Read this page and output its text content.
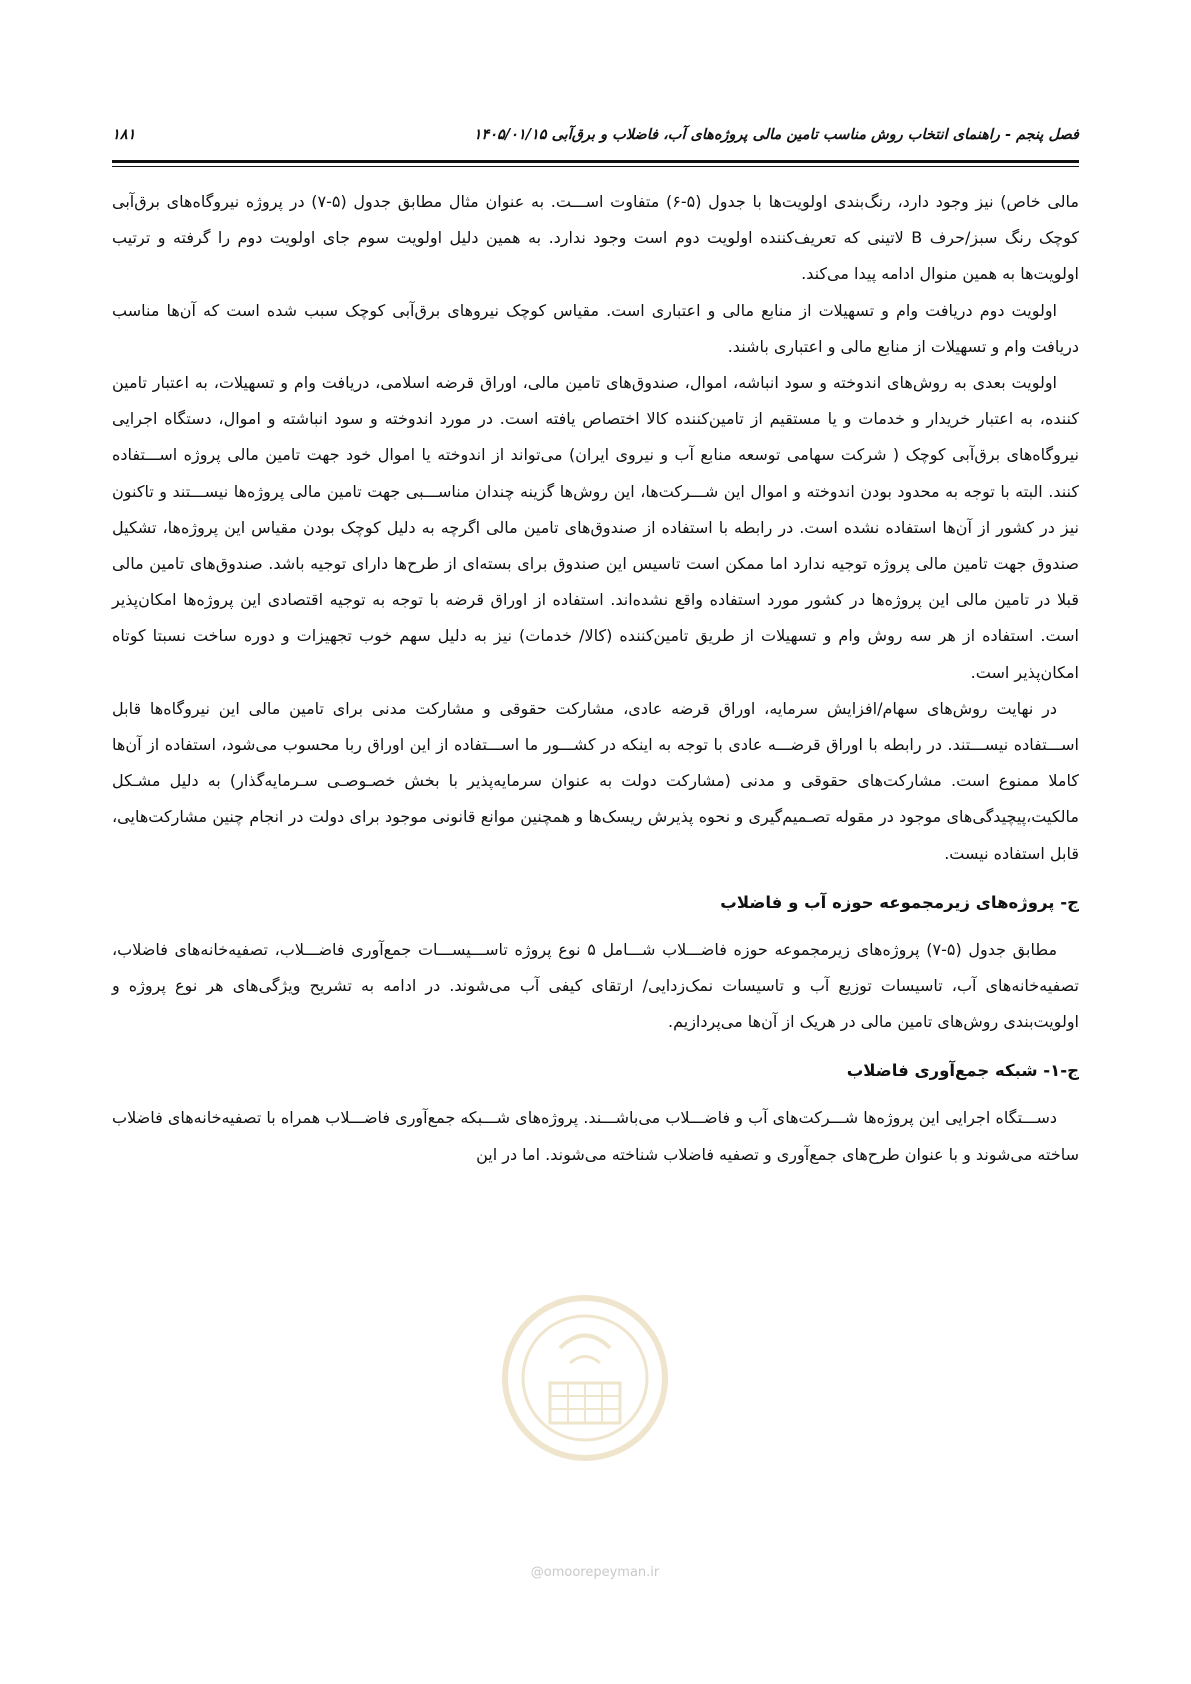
فصل پنجم - راهنمای انتخاب روش مناسب تامین مالی پروژه‌های آب، فاضلاب و برق‌آبی ۱۴۰۵/۰۱/۱۵
۱۸۱

مالی خاص) نیز وجود دارد، رنگ‌بندی اولویت‌ها با جدول (۵-۶) متفاوت اســـت. به عنوان مثال مطابق جدول (۵-۷) در پروژه نیروگاه‌های برق‌آبی کوچک رنگ سبز/حرف B لاتینی که تعریف‌کننده اولویت دوم است وجود ندارد. به همین دلیل اولویت سوم جای اولویت دوم را گرفته و ترتیب اولویت‌ها به همین منوال ادامه پیدا می‌کند.

اولویت دوم دریافت وام و تسهیلات از منابع مالی و اعتباری است. مقیاس کوچک نیروهای برق‌آبی کوچک سبب شده است که آن‌ها مناسب دریافت وام و تسهیلات از منابع مالی و اعتباری باشند.

اولویت بعدی به روش‌های اندوخته و سود انباشه، اموال، صندوق‌های تامین مالی، اوراق قرضه اسلامی، دریافت وام و تسهیلات، به اعتبار تامین کننده، به اعتبار خریدار و خدمات و یا مستقیم از تامین‌کننده کالا اختصاص یافته است. در مورد اندوخته و سود انباشته و اموال، دستگاه اجرایی نیروگاه‌های برق‌آبی کوچک ( شرکت سهامی توسعه منابع آب و نیروی ایران) می‌تواند از اندوخته یا اموال خود جهت تامین مالی پروژه اســـتفاده کنند. البته با توجه به محدود بودن اندوخته و اموال این شـــرکت‌ها، این روش‌ها گزینه چندان مناســـبی جهت تامین مالی پروژه‌ها نیســـتند و تاکنون نیز در کشور از آن‌ها استفاده نشده است. در رابطه با استفاده از صندوق‌های تامین مالی اگرچه به دلیل کوچک بودن مقیاس این پروژه‌ها، تشکیل صندوق جهت تامین مالی پروژه توجیه ندارد اما ممکن است تاسیس این صندوق برای بسته‌ای از طرح‌ها دارای توجیه باشد. صندوق‌های تامین مالی قبلا در تامین مالی این پروژه‌ها در کشور مورد استفاده واقع نشده‌اند. استفاده از اوراق قرضه با توجه به توجیه اقتصادی این پروژه‌ها امکان‌پذیر است. استفاده از هر سه روش وام و تسهیلات از طریق تامین‌کننده (کالا/ خدمات) نیز به دلیل سهم خوب تجهیزات و دوره ساخت نسبتا کوتاه امکان‌پذیر است.

در نهایت روش‌های سهام/افزایش سرمایه، اوراق قرضه عادی، مشارکت حقوقی و مشارکت مدنی برای تامین مالی این نیروگاه‌ها قابل اســـتفاده نیســـتند. در رابطه با اوراق قرضـــه عادی با توجه به اینکه در کشـــور ما اســـتفاده از این اوراق ربا محسوب می‌شود، استفاده از آن‌ها کاملا ممنوع است. مشارکت‌های حقوقی و مدنی (مشارکت دولت به عنوان سرمایه‌پذیر با بخش خصـوصـی سـرمایه‌گذار) به دلیل مشـکل مالکیت،پیچیدگی‌های موجود در مقوله تصـمیم‌گیری و نحوه پذیرش ریسک‌ها و همچنین موانع قانونی موجود برای دولت در انجام چنین مشارکت‌هایی، قابل استفاده نیست.

ج- پروژه‌های زیرمجموعه حوزه آب و فاضلاب

مطابق جدول (۵-۷) پروژه‌های زیرمجموعه حوزه فاضـــلاب شـــامل ۵ نوع پروژه تاســـیســـات جمع‌آوری فاضـــلاب، تصفیه‌خانه‌های فاضلاب، تصفیه‌خانه‌های آب، تاسیسات توزیع آب و تاسیسات نمک‌زدایی/ ارتقای کیفی آب می‌شوند. در ادامه به تشریح ویژگی‌های هر نوع پروژه و اولویت‌بندی روش‌های تامین مالی در هریک از آن‌ها می‌پردازیم.

ج-۱- شبکه جمع‌آوری فاضلاب

دســـتگاه اجرایی این پروژه‌ها شـــرکت‌های آب و فاضـــلاب می‌باشـــند. پروژه‌های شـــبکه جمع‌آوری فاضـــلاب همراه با تصفیه‌خانه‌های فاضلاب ساخته می‌شوند و با عنوان طرح‌های جمع‌آوری و تصفیه فاضلاب شناخته می‌شوند. اما در این

@omoorepeyman.ir
